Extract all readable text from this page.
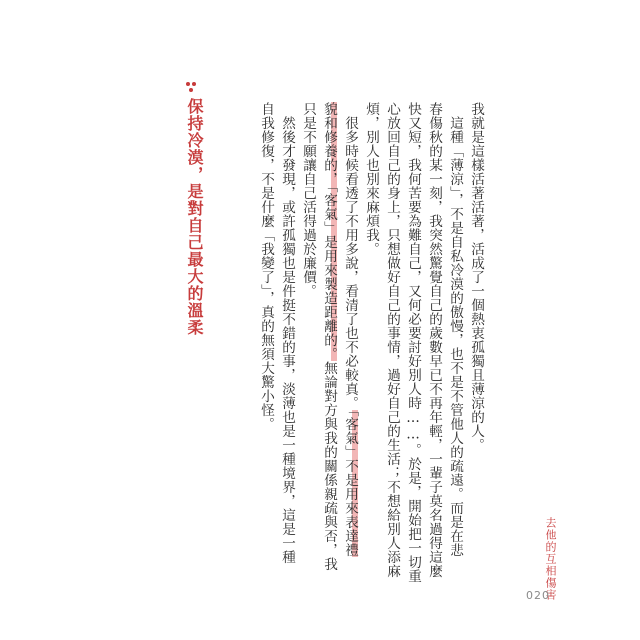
我就是這樣活著活著，活成了一個熱衷孤獨且薄涼的人。
這種「薄涼」，不是自私冷漠的傲慢，也不是不管他人的疏遠。而是在悲
春傷秋的某一刻，我突然驚覺自己的歲數早已不再年輕，一輩子莫名過得這麼
快又短，我何苦要為難自己，又何必要討好別人時……。於是，開始把一切重
心放回自己的身上，只想做好自己的事情，過好自己的生活；不想給別人添麻
煩，別人也別來麻煩我。
很多時候看透了不用多說，看清了也不必較真。「客氣」不是用來表達禮
貌和修養的，「客氣」是用來製造距離的。無論對方與我的關係親疏與否，我
只是不願讓自己活得過於廉價。
然後才發現，或許孤獨也是件挺不錯的事，淡薄也是一種境界，這是一種
自我修復，不是什麼「我變了」，真的無須大驚小怪。
保持冷漠，是對自己最大的溫柔
去他的互相傷害
020
